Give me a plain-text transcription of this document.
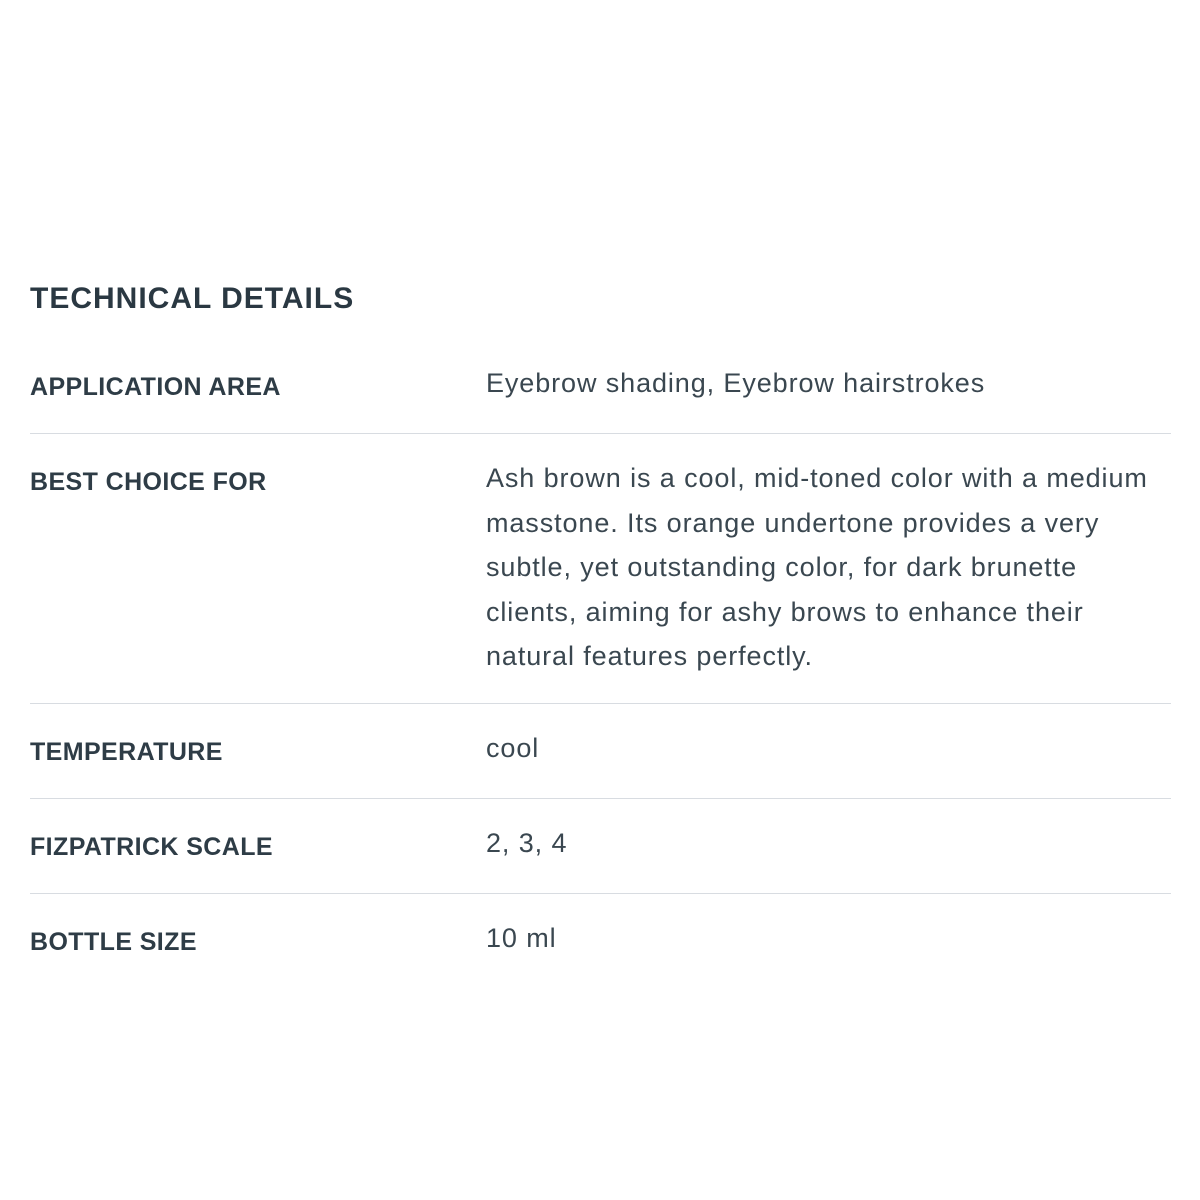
TECHNICAL DETAILS
APPLICATION AREA	Eyebrow shading, Eyebrow hairstrokes
BEST CHOICE FOR	Ash brown is a cool, mid-toned color with a medium masstone. Its orange undertone provides a very subtle, yet outstanding color, for dark brunette clients, aiming for ashy brows to enhance their natural features perfectly.
TEMPERATURE	cool
FIZPATRICK SCALE	2, 3, 4
BOTTLE SIZE	10 ml
